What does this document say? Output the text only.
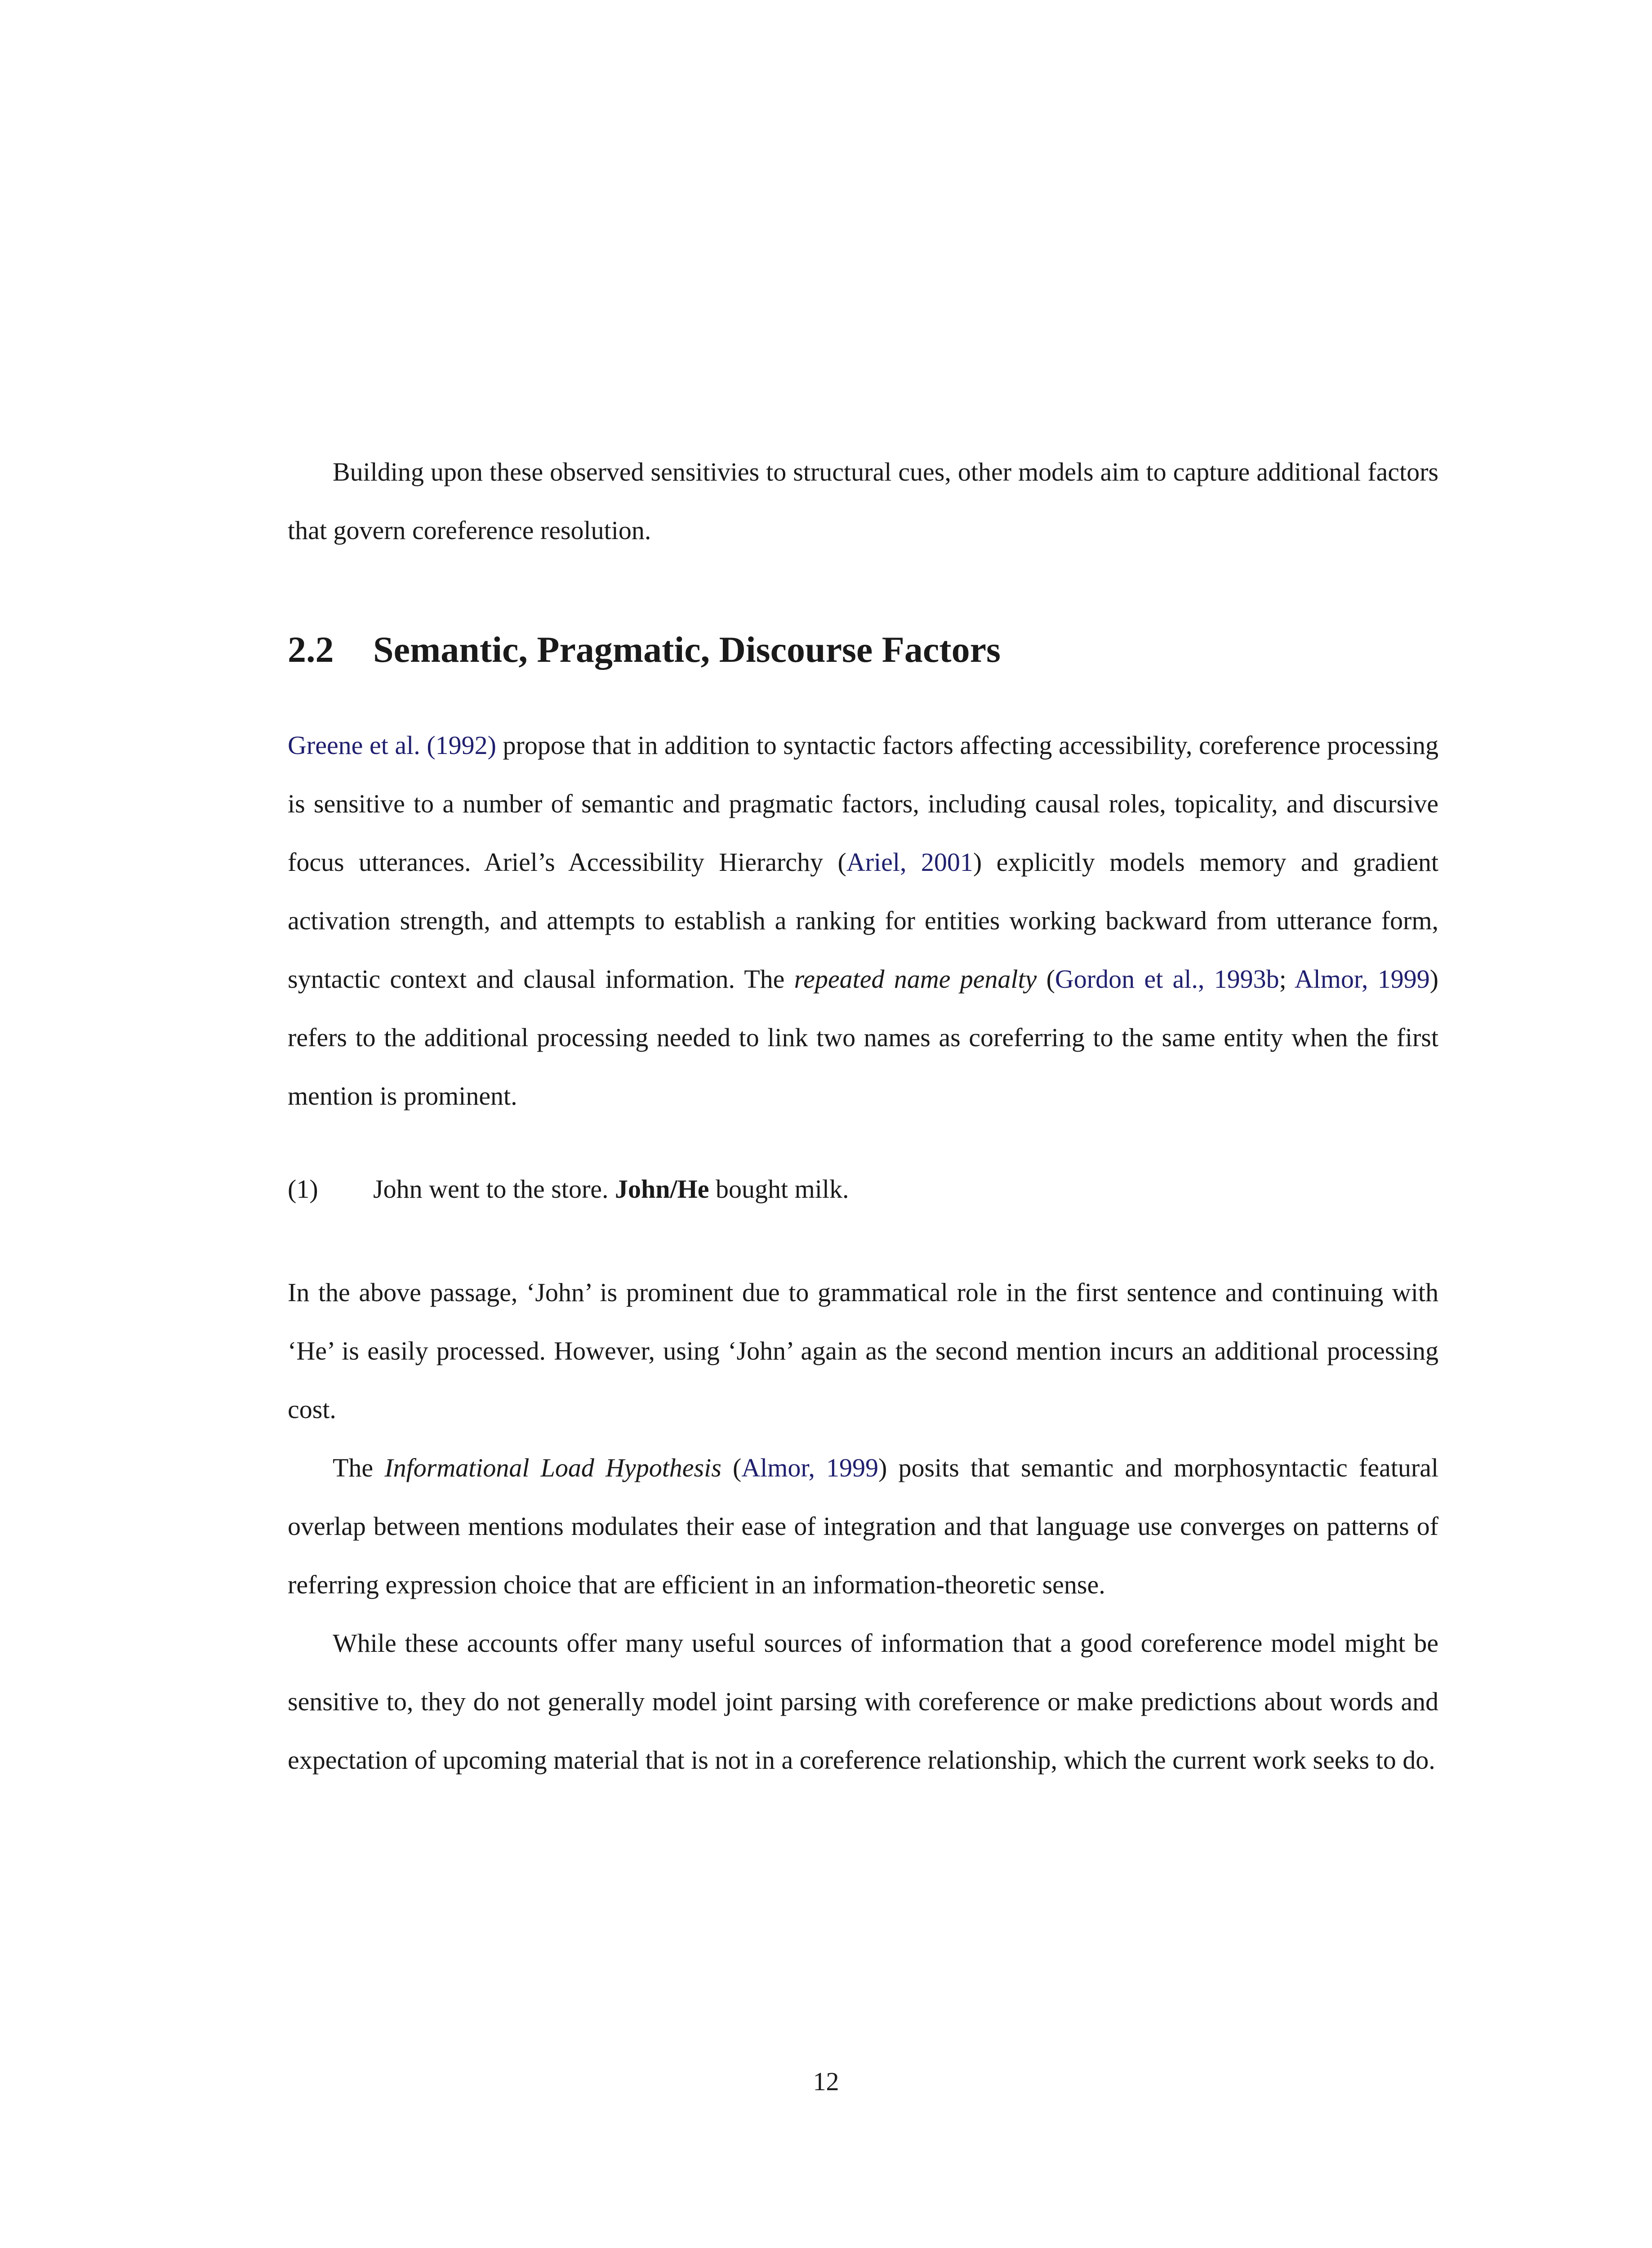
Building upon these observed sensitivies to structural cues, other models aim to capture additional factors that govern coreference resolution.

2.2 Semantic, Pragmatic, Discourse Factors

Greene et al. (1992) propose that in addition to syntactic factors affecting accessibility, coreference processing is sensitive to a number of semantic and pragmatic factors, including causal roles, topicality, and discursive focus utterances. Ariel’s Accessibility Hierarchy (Ariel, 2001) explicitly models memory and gradient activation strength, and attempts to establish a ranking for entities working backward from utterance form, syntactic context and clausal information. The repeated name penalty (Gordon et al., 1993b; Almor, 1999) refers to the additional processing needed to link two names as coreferring to the same entity when the first mention is prominent.

(1) John went to the store. John/He bought milk.

In the above passage, ‘John’ is prominent due to grammatical role in the first sentence and continuing with ‘He’ is easily processed. However, using ‘John’ again as the second mention incurs an additional processing cost.

The Informational Load Hypothesis (Almor, 1999) posits that semantic and morphosyntactic featural overlap between mentions modulates their ease of integration and that language use converges on patterns of referring expression choice that are efficient in an information-theoretic sense.

While these accounts offer many useful sources of information that a good coreference model might be sensitive to, they do not generally model joint parsing with coreference or make predictions about words and expectation of upcoming material that is not in a coreference relationship, which the current work seeks to do.

12
